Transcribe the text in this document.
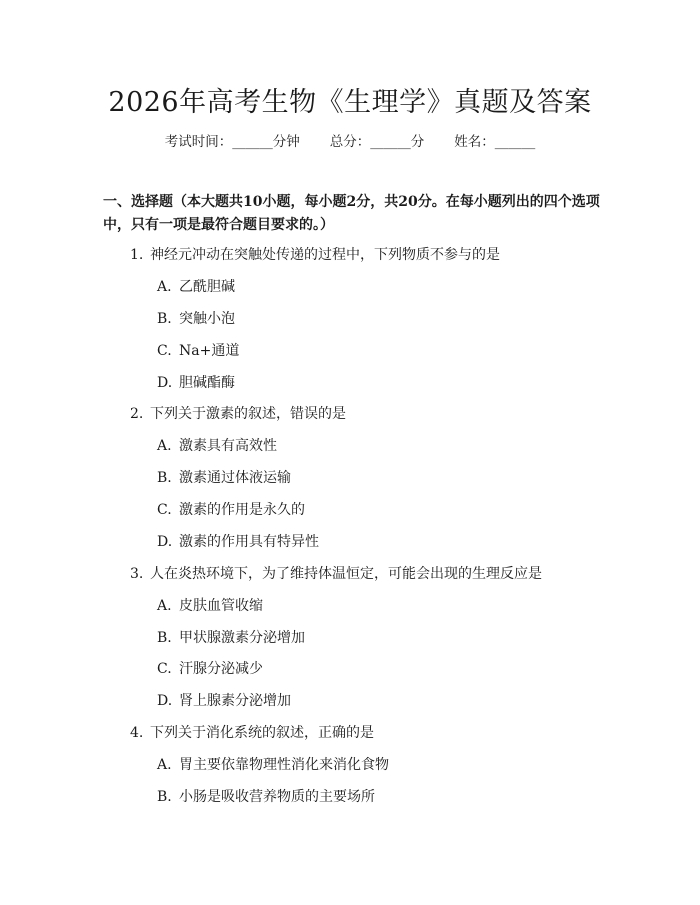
2026年高考生物《生理学》真题及答案
考试时间：______分钟 总分：______分 姓名：______
一、选择题（本大题共10小题，每小题2分，共20分。在每小题列出的四个选项中，只有一项是最符合题目要求的。）
1. 神经元冲动在突触处传递的过程中，下列物质不参与的是
A. 乙酰胆碱
B. 突触小泡
C. Na+通道
D. 胆碱酯酶
2. 下列关于激素的叙述，错误的是
A. 激素具有高效性
B. 激素通过体液运输
C. 激素的作用是永久的
D. 激素的作用具有特异性
3. 人在炎热环境下，为了维持体温恒定，可能会出现的生理反应是
A. 皮肤血管收缩
B. 甲状腺激素分泌增加
C. 汗腺分泌减少
D. 肾上腺素分泌增加
4. 下列关于消化系统的叙述，正确的是
A. 胃主要依靠物理性消化来消化食物
B. 小肠是吸收营养物质的主要场所
